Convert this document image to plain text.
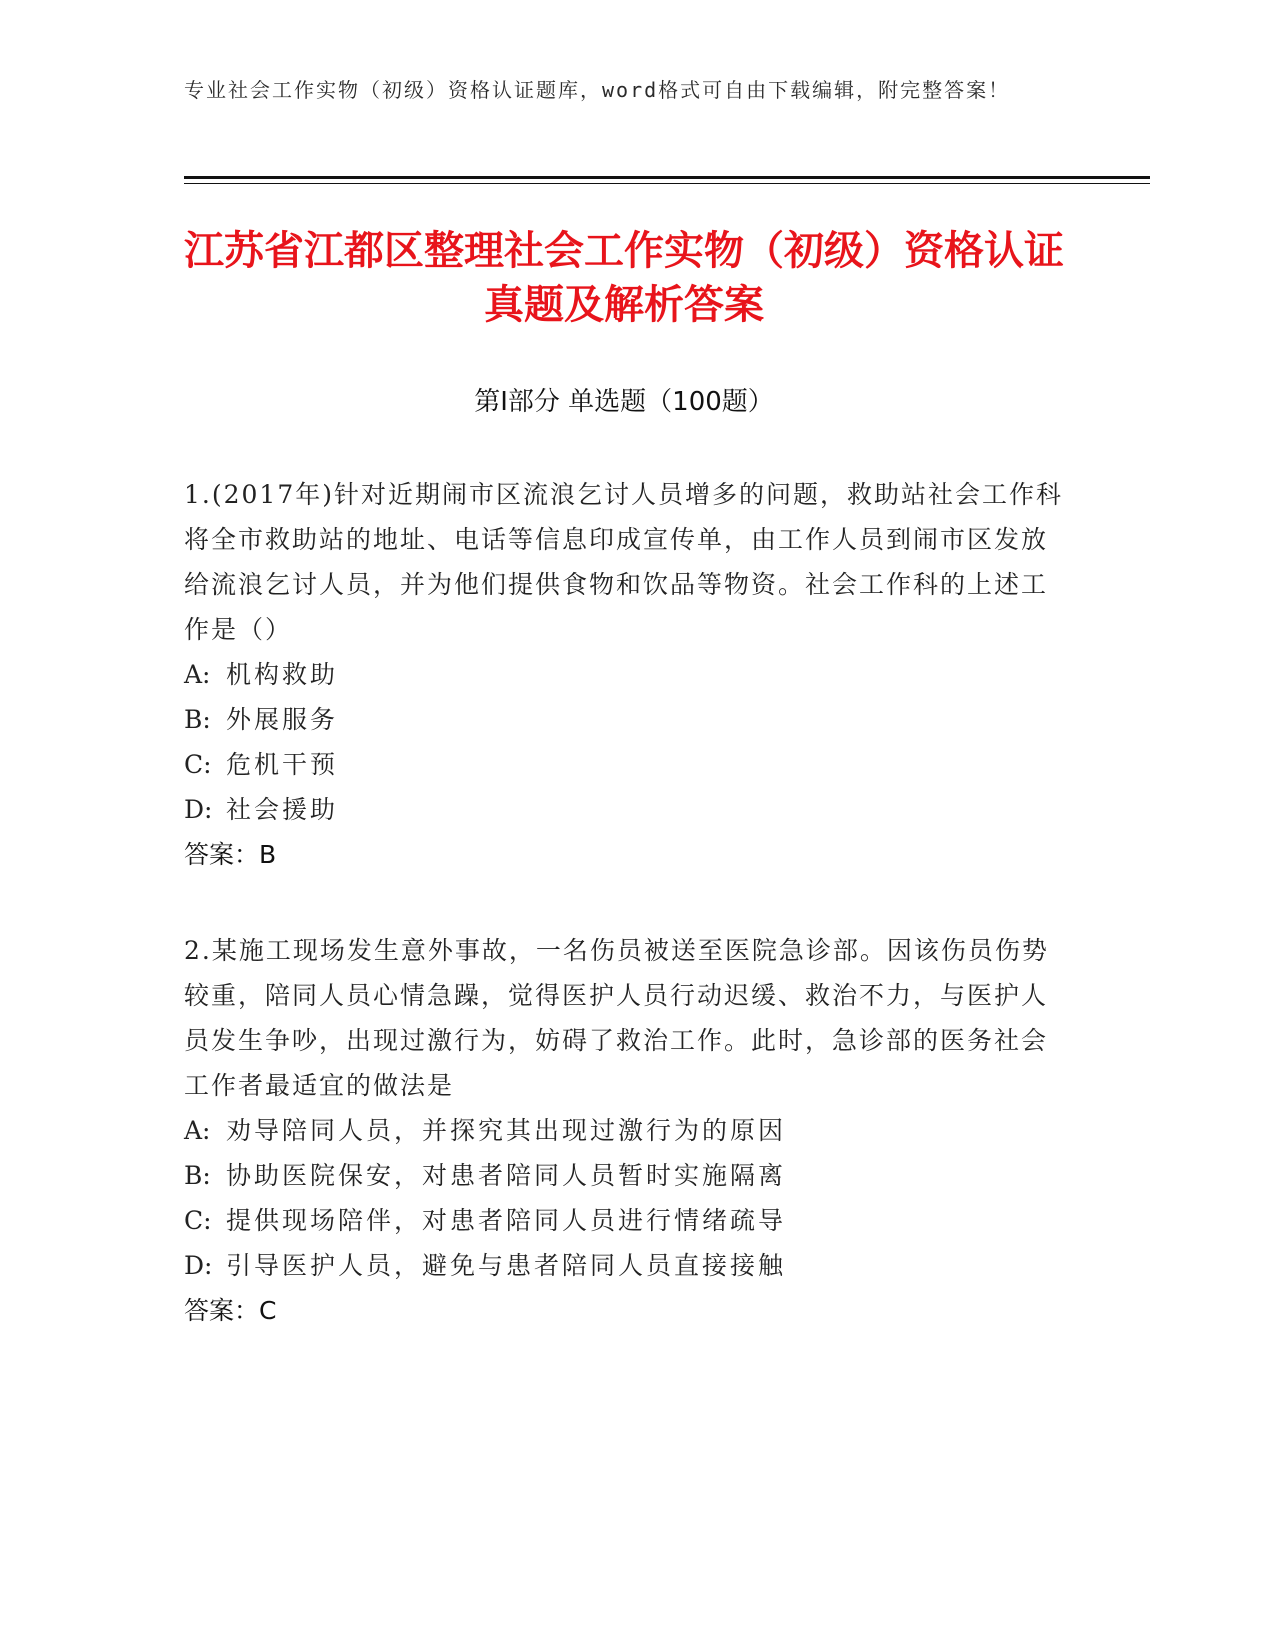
专业社会工作实物（初级）资格认证题库，word格式可自由下载编辑，附完整答案！
江苏省江都区整理社会工作实物（初级）资格认证真题及解析答案
第Ⅰ部分 单选题（100题）

1.(2017年)针对近期闹市区流浪乞讨人员增多的问题，救助站社会工作科将全市救助站的地址、电话等信息印成宣传单，由工作人员到闹市区发放给流浪乞讨人员，并为他们提供食物和饮品等物资。社会工作科的上述工作是（）

A: 机构救助

B: 外展服务

C: 危机干预

D: 社会援助

答案：B

2.某施工现场发生意外事故，一名伤员被送至医院急诊部。因该伤员伤势较重，陪同人员心情急躁，觉得医护人员行动迟缓、救治不力，与医护人员发生争吵，出现过激行为，妨碍了救治工作。此时，急诊部的医务社会工作者最适宜的做法是

A: 劝导陪同人员，并探究其出现过激行为的原因

B: 协助医院保安，对患者陪同人员暂时实施隔离

C: 提供现场陪伴，对患者陪同人员进行情绪疏导

D: 引导医护人员，避免与患者陪同人员直接接触

答案：C
